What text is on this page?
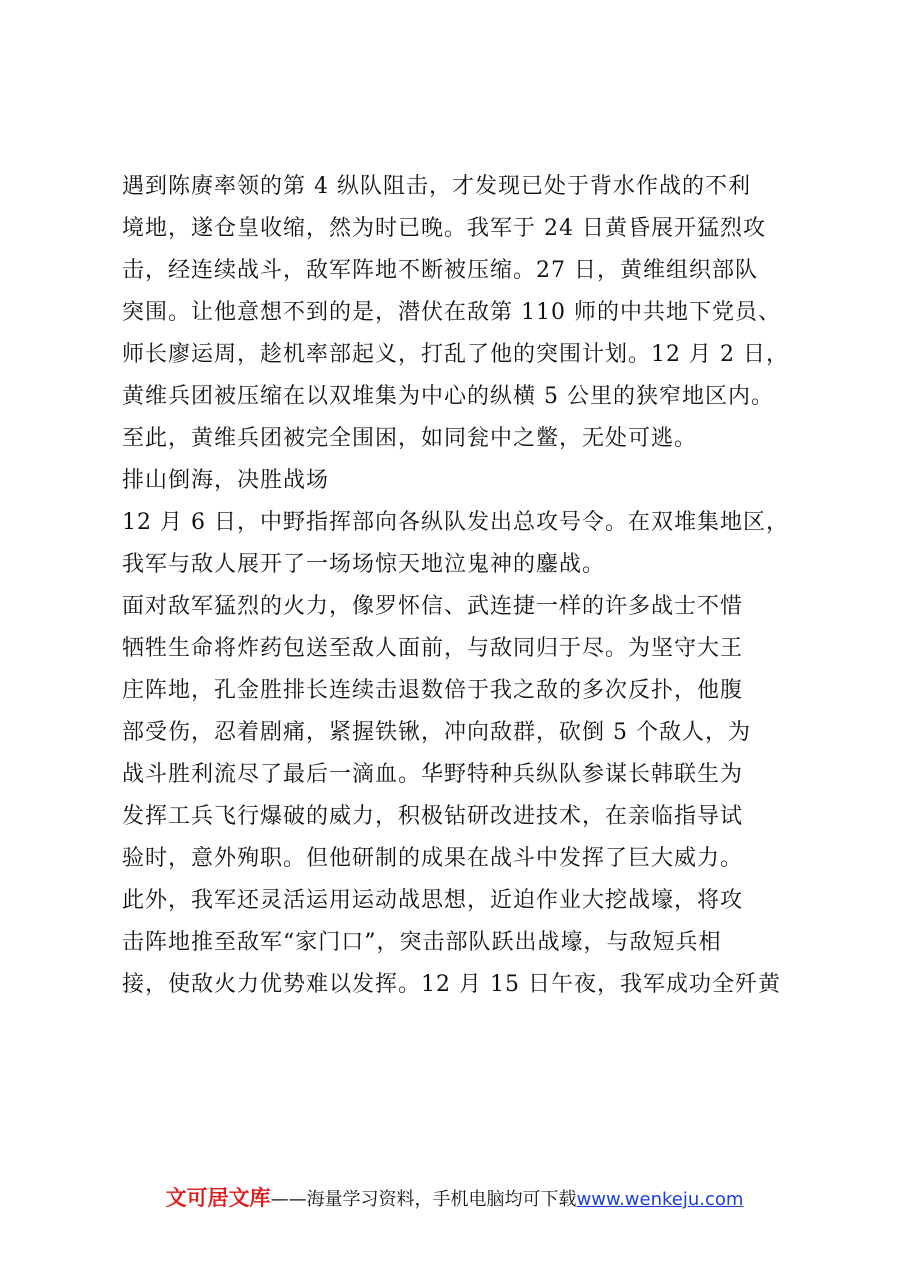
遇到陈赓率领的第 4 纵队阻击，才发现已处于背水作战的不利
境地，遂仓皇收缩，然为时已晚。我军于 24 日黄昏展开猛烈攻
击，经连续战斗，敌军阵地不断被压缩。27 日，黄维组织部队
突围。让他意想不到的是，潜伏在敌第 110 师的中共地下党员、
师长廖运周，趁机率部起义，打乱了他的突围计划。12 月 2 日，
黄维兵团被压缩在以双堆集为中心的纵横 5 公里的狭窄地区内。
至此，黄维兵团被完全围困，如同瓮中之鳖，无处可逃。
排山倒海，决胜战场
12 月 6 日，中野指挥部向各纵队发出总攻号令。在双堆集地区，
我军与敌人展开了一场场惊天地泣鬼神的鏖战。
面对敌军猛烈的火力，像罗怀信、武连捷一样的许多战士不惜
牺牲生命将炸药包送至敌人面前，与敌同归于尽。为坚守大王
庄阵地，孔金胜排长连续击退数倍于我之敌的多次反扑，他腹
部受伤，忍着剧痛，紧握铁锹，冲向敌群，砍倒 5 个敌人，为
战斗胜利流尽了最后一滴血。华野特种兵纵队参谋长韩联生为
发挥工兵飞行爆破的威力，积极钻研改进技术，在亲临指导试
验时，意外殉职。但他研制的成果在战斗中发挥了巨大威力。
此外，我军还灵活运用运动战思想，近迫作业大挖战壕，将攻
击阵地推至敌军“家门口”，突击部队跃出战壕，与敌短兵相
接，使敌火力优势难以发挥。12 月 15 日午夜，我军成功全歼黄
文可居文库——海量学习资料，手机电脑均可下载www.wenkeju.com
